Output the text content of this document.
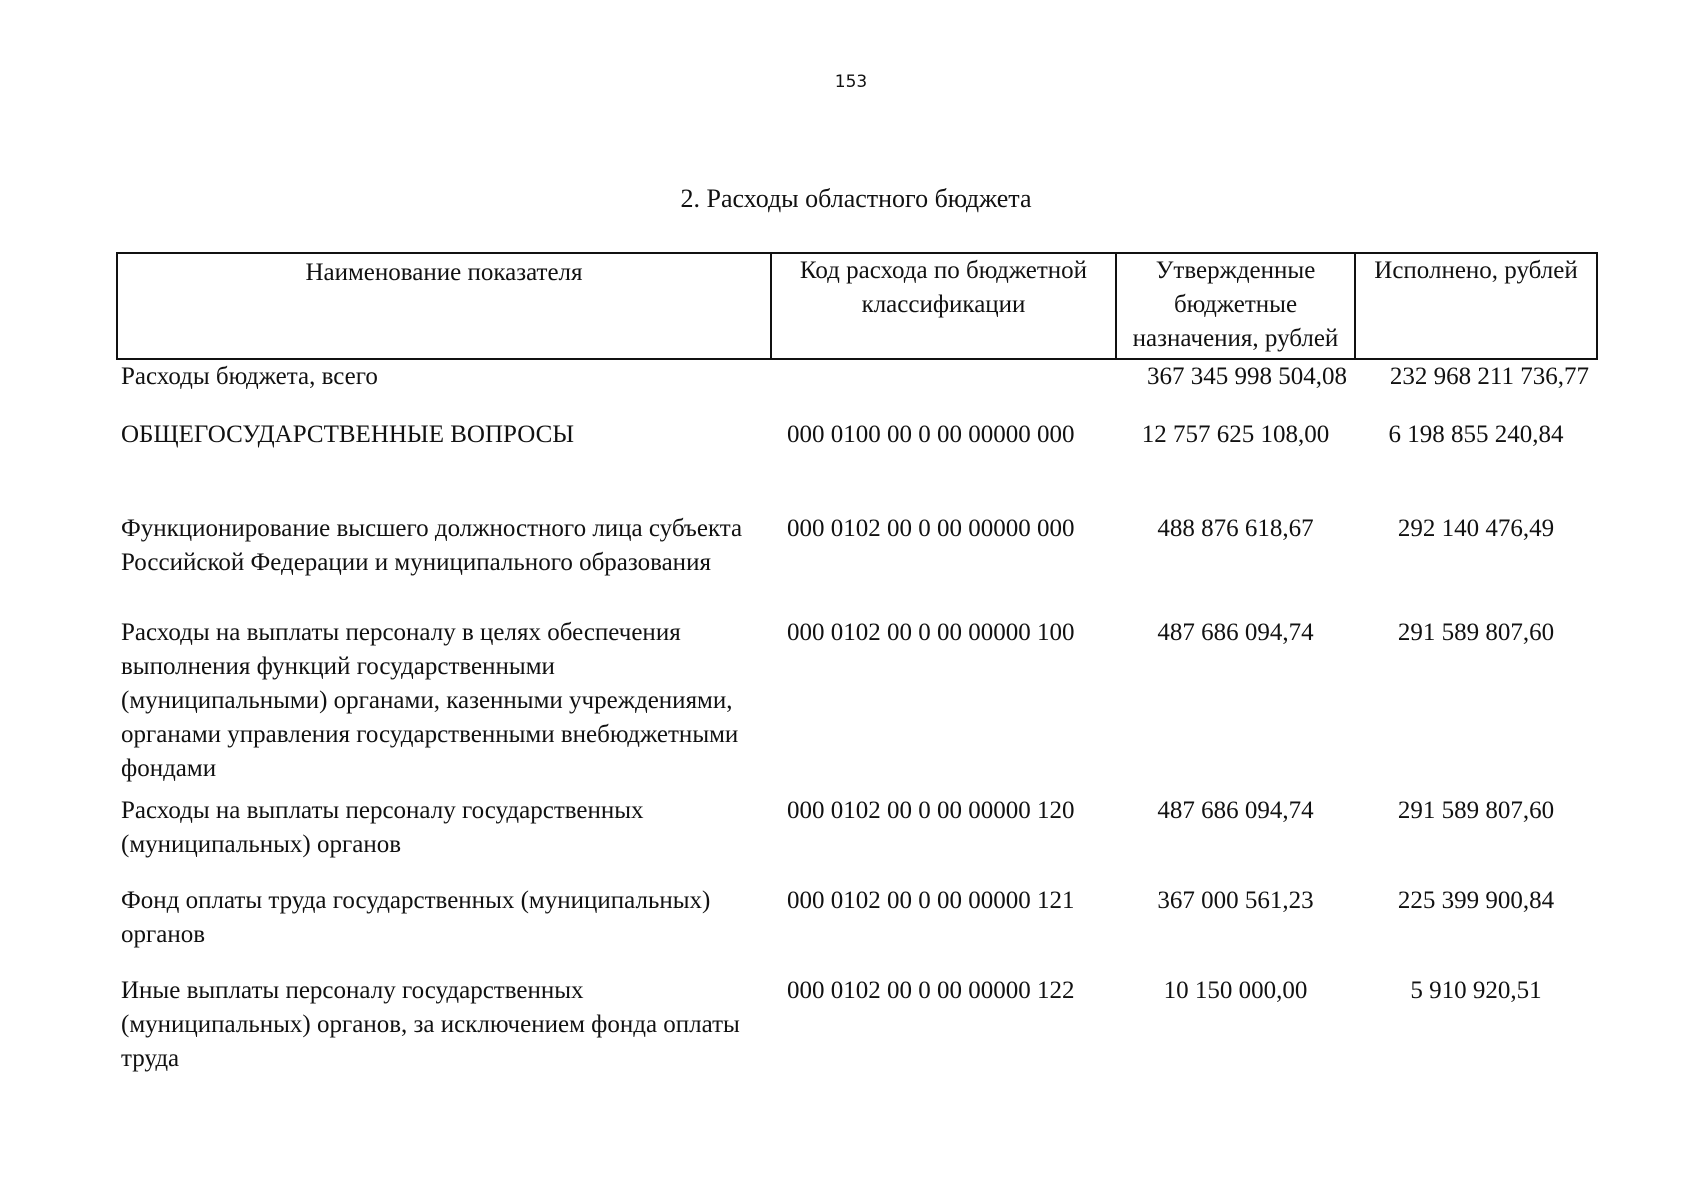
153
2. Расходы областного бюджета
Наименование показателя	Код расхода по бюджетной классификации	Утвержденные бюджетные назначения, рублей	Исполнено, рублей
Расходы бюджета, всего		367 345 998 504,08	232 968 211 736,77
ОБЩЕГОСУДАРСТВЕННЫЕ ВОПРОСЫ	000 0100 00 0 00 00000 000	12 757 625 108,00	6 198 855 240,84

Функционирование высшего должностного лица субъекта Российской Федерации и муниципального образования	000 0102 00 0 00 00000 000	488 876 618,67	292 140 476,49
Расходы на выплаты персоналу в целях обеспечения выполнения функций государственными (муниципальными) органами, казенными учреждениями, органами управления государственными внебюджетными фондами	000 0102 00 0 00 00000 100	487 686 094,74	291 589 807,60
Расходы на выплаты персоналу государственных (муниципальных) органов	000 0102 00 0 00 00000 120	487 686 094,74	291 589 807,60
Фонд оплаты труда государственных (муниципальных) органов	000 0102 00 0 00 00000 121	367 000 561,23	225 399 900,84
Иные выплаты персоналу государственных (муниципальных) органов, за исключением фонда оплаты труда	000 0102 00 0 00 00000 122	10 150 000,00	5 910 920,51
